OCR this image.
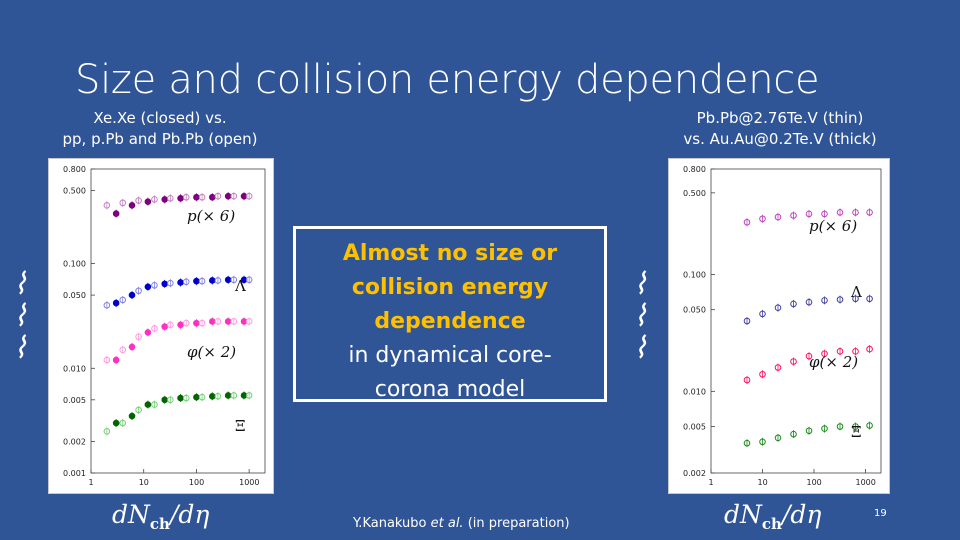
Size and collision energy dependence
Xe.Xe (closed) vs.
pp, p.Pb and Pb.Pb (open)
Pb.Pb@2.76Te.V (thin)
vs. Au.Au@0.2Te.V (thick)
⌇⌇⌇	⌇⌇⌇
0.001
0.002
0.005
0.010
0.050
0.100
0.500
0.800
1	10	100	1000
p(× 6)
Λ
φ(× 2)
Ξ
0.002
0.005
0.010
0.050
0.100
0.500
0.800
1	10	100	1000
p(× 6)
Λ
φ(× 2)
Ξ
$dN_{ch}/d\eta$	$dN_{ch}/d\eta$
Almost no size or
collision energy
dependence
in dynamical core-
corona model
Y.Kanakubo et al. (in preparation)
19
